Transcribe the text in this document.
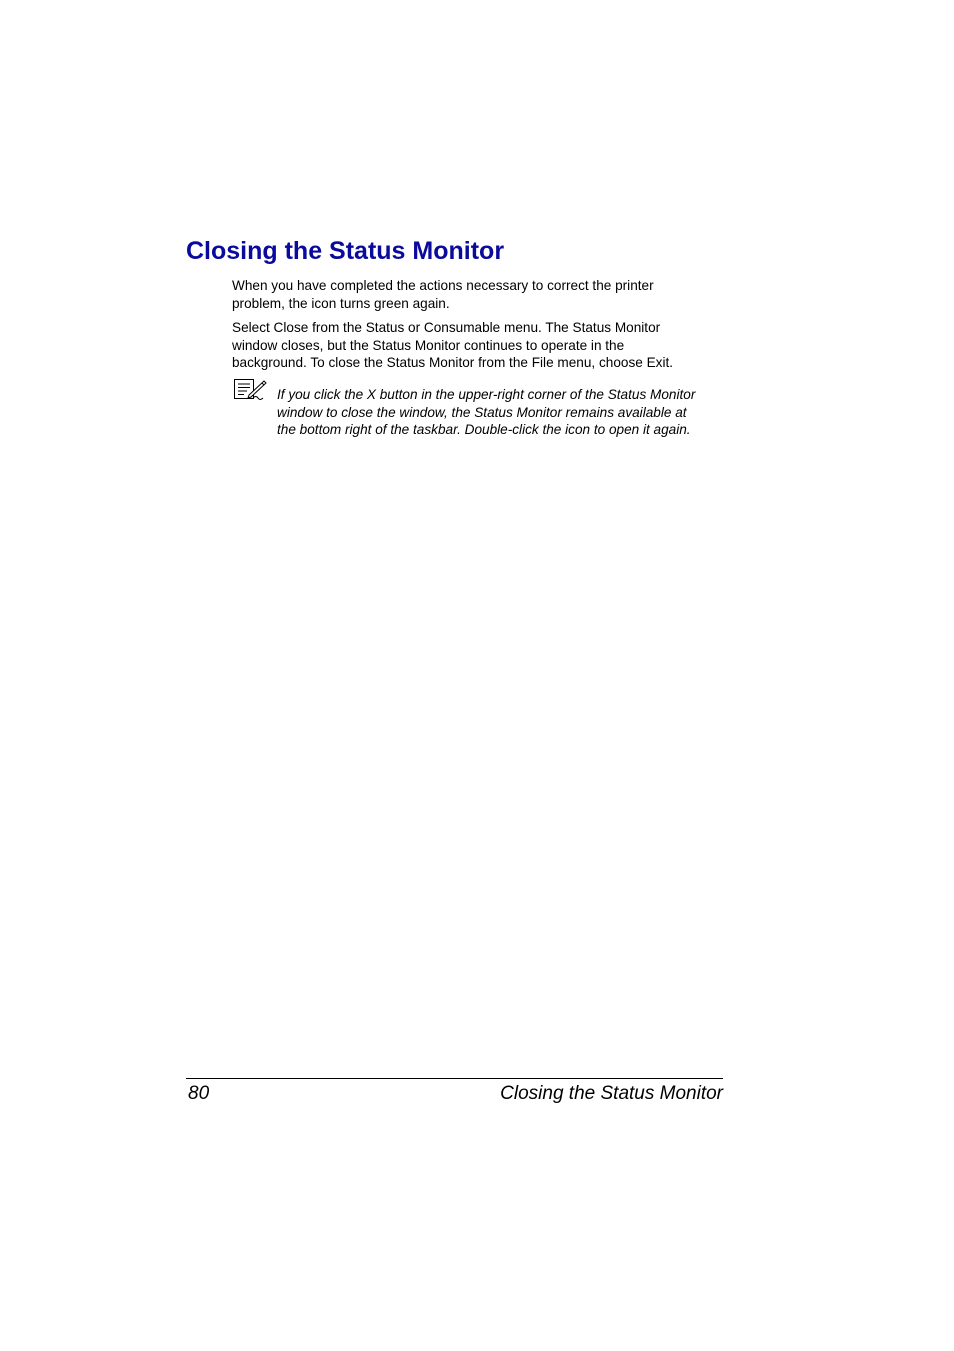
Closing the Status Monitor
When you have completed the actions necessary to correct the printer
problem, the icon turns green again.
Select Close from the Status or Consumable menu. The Status Monitor
window closes, but the Status Monitor continues to operate in the
background. To close the Status Monitor from the File menu, choose Exit.
If you click the X button in the upper-right corner of the Status Monitor
window to close the window, the Status Monitor remains available at
the bottom right of the taskbar. Double-click the icon to open it again.
80	Closing the Status Monitor
